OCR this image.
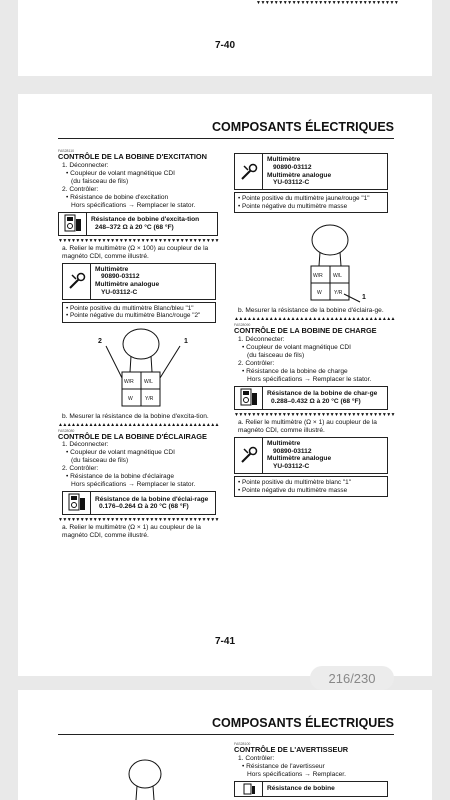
▼▼▼▼▼▼▼▼▼▼▼▼▼▼▼▼▼▼▼▼▼▼▼▼▼▼▼▼▼▼▼▼
7-40
COMPOSANTS ÉLECTRIQUES
FAS28110
CONTRÔLE DE LA BOBINE D'EXCITATION
1. Déconnecter:
• Coupleur de volant magnétique CDI
(du faisceau de fils)
2. Contrôler:
• Résistance de bobine d'excitation
Hors spécifications → Remplacer le stator.
Résistance de bobine d'excita-tion
248–372 Ω à 20 °C (68 °F)
▼▼▼▼▼▼▼▼▼▼▼▼▼▼▼▼▼▼▼▼▼▼▼▼▼▼▼▼▼▼▼▼▼▼▼▼▼
a. Relier le multimètre (Ω × 100) au coupleur de la magnéto CDI, comme illustré.
Multimètre
90890-03112
Multimètre analogue
YU-03112-C
• Pointe positive du multimètre Blanc/bleu "1"
• Pointe négative du multimètre Blanc/rouge "2"
2	1
W/R W/L
W Y/R
b. Mesurer la résistance de la bobine d'excita-tion.
▲▲▲▲▲▲▲▲▲▲▲▲▲▲▲▲▲▲▲▲▲▲▲▲▲▲▲▲▲▲▲▲▲▲▲▲▲
FAS28080
CONTRÔLE DE LA BOBINE D'ÉCLAIRAGE
1. Déconnecter:
• Coupleur de volant magnétique CDI
(du faisceau de fils)
2. Contrôler:
• Résistance de la bobine d'éclairage
Hors spécifications → Remplacer le stator.
Résistance de la bobine d'éclai-rage
0.176–0.264 Ω à 20 °C (68 °F)
▼▼▼▼▼▼▼▼▼▼▼▼▼▼▼▼▼▼▼▼▼▼▼▼▼▼▼▼▼▼▼▼▼▼▼▼▼
a. Relier le multimètre (Ω × 1) au coupleur de la magnéto CDI, comme illustré.
Multimètre
90890-03112
Multimètre analogue
YU-03112-C
• Pointe positive du multimètre jaune/rouge "1"
• Pointe négative du multimètre masse
W/R W/L
W Y/R
1
b. Mesurer la résistance de la bobine d'éclaira-ge.
▲▲▲▲▲▲▲▲▲▲▲▲▲▲▲▲▲▲▲▲▲▲▲▲▲▲▲▲▲▲▲▲▲▲▲▲▲
FAS28090
CONTRÔLE DE LA BOBINE DE CHARGE
1. Déconnecter:
• Coupleur de volant magnétique CDI
(du faisceau de fils)
2. Contrôler:
• Résistance de la bobine de charge
Hors spécifications → Remplacer le stator.
Résistance de la bobine de char-ge
0.288–0.432 Ω à 20 °C (68 °F)
▼▼▼▼▼▼▼▼▼▼▼▼▼▼▼▼▼▼▼▼▼▼▼▼▼▼▼▼▼▼▼▼▼▼▼▼▼
a. Relier le multimètre (Ω × 1) au coupleur de la magnéto CDI, comme illustré.
Multimètre
90890-03112
Multimètre analogue
YU-03112-C
• Pointe positive du multimètre blanc "1"
• Pointe négative du multimètre masse
7-41
216/230
COMPOSANTS ÉLECTRIQUES
FAS28100
CONTRÔLE DE L'AVERTISSEUR
1. Contrôler:
• Résistance de l'avertisseur
Hors spécifications → Remplacer.
Résistance de bobine
